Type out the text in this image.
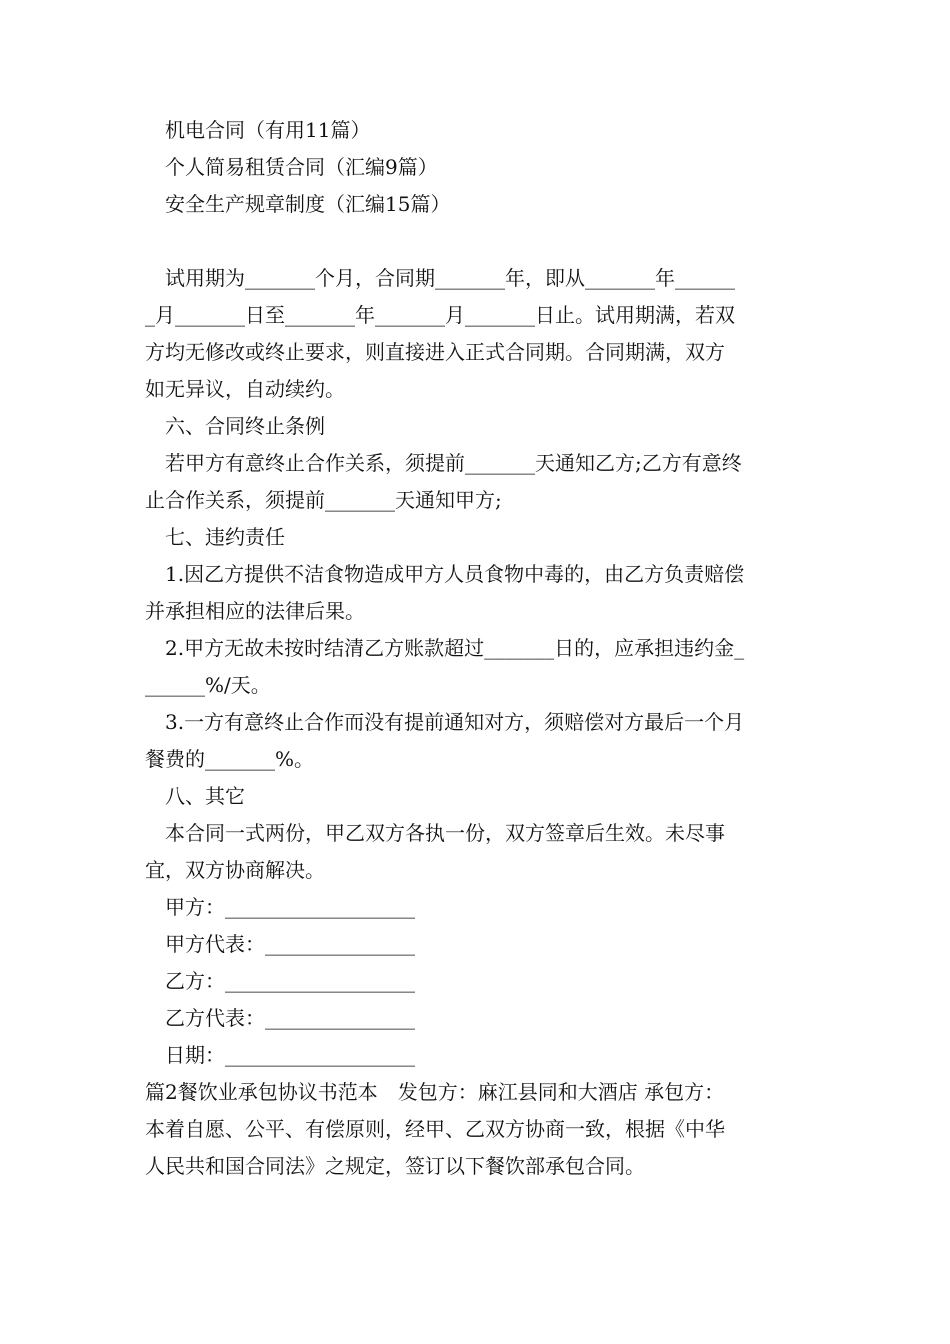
机电合同（有用11篇）
个人简易租赁合同（汇编9篇）
安全生产规章制度（汇编15篇）
试用期为_______个月，合同期_______年，即从_______年______
_月_______日至_______年_______月_______日止。试用期满，若双
方均无修改或终止要求，则直接进入正式合同期。合同期满，双方
如无异议，自动续约。
六、合同终止条例
若甲方有意终止合作关系，须提前_______天通知乙方;乙方有意终
止合作关系，须提前_______天通知甲方;
七、违约责任
1.因乙方提供不洁食物造成甲方人员食物中毒的，由乙方负责赔偿
并承担相应的法律后果。
2.甲方无故未按时结清乙方账款超过_______日的，应承担违约金_
______%/天。
3.一方有意终止合作而没有提前通知对方，须赔偿对方最后一个月
餐费的_______%。
八、其它
本合同一式两份，甲乙双方各执一份，双方签章后生效。未尽事
宜，双方协商解决。
甲方：___________________
甲方代表：_______________
乙方：___________________
乙方代表：_______________
日期：___________________
篇2餐饮业承包协议书范本　发包方：麻江县同和大酒店 承包方：
本着自愿、公平、有偿原则，经甲、乙双方协商一致，根据《中华
人民共和国合同法》之规定，签订以下餐饮部承包合同。
